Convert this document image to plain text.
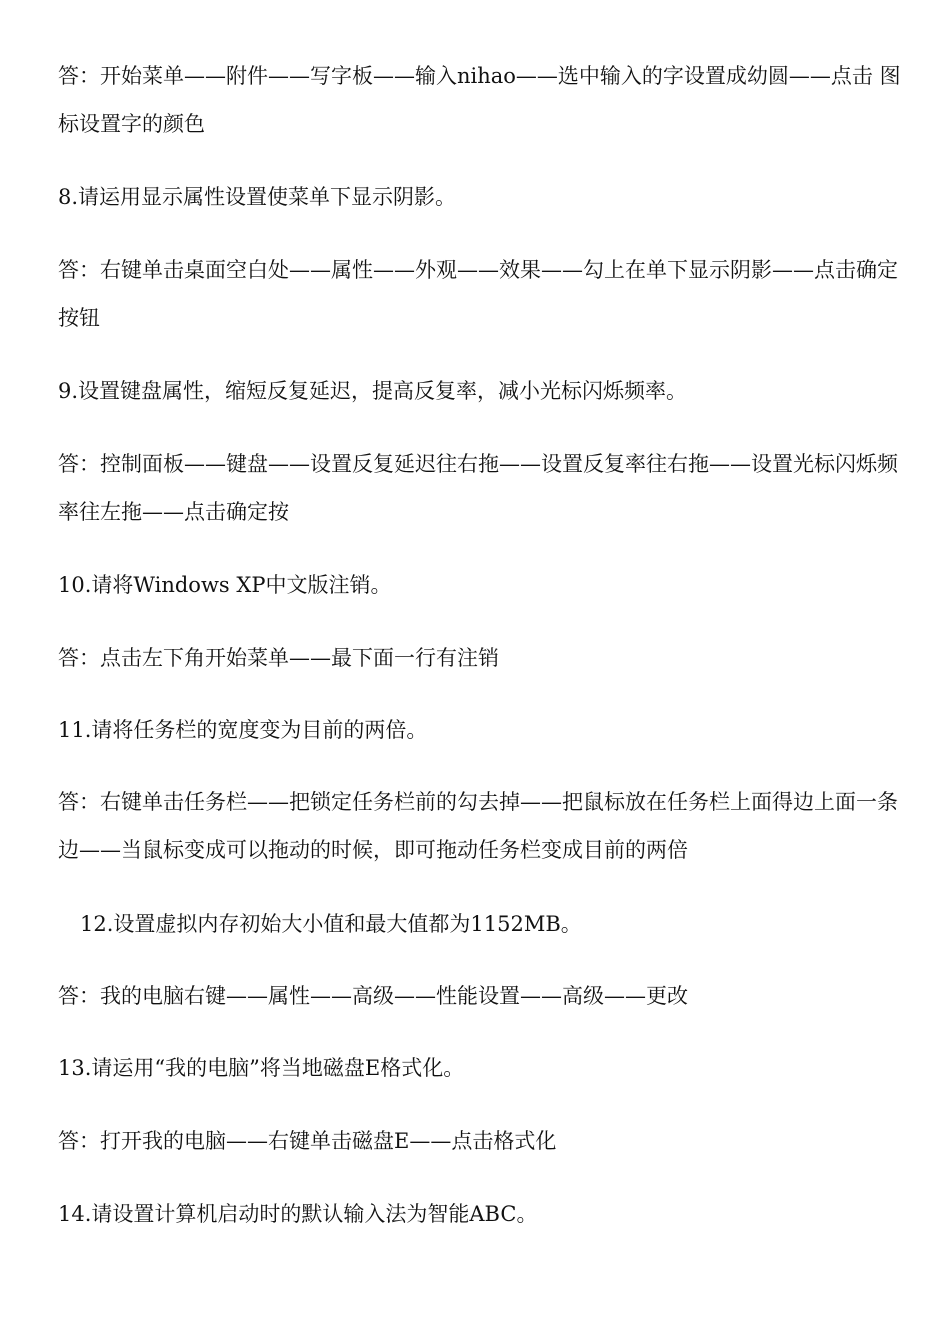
答：开始菜单——附件——写字板——输入nihao——选中输入的字设置成幼圆——点击 图标设置字的颜色
8.请运用显示属性设置使菜单下显示阴影。
答：右键单击桌面空白处——属性——外观——效果——勾上在单下显示阴影——点击确定按钮
9.设置键盘属性，缩短反复延迟，提高反复率，减小光标闪烁频率。
答：控制面板——键盘——设置反复延迟往右拖——设置反复率往右拖——设置光标闪烁频率往左拖——点击确定按
10.请将Windows XP中文版注销。
答：点击左下角开始菜单——最下面一行有注销
11.请将任务栏的宽度变为目前的两倍。
答：右键单击任务栏——把锁定任务栏前的勾去掉——把鼠标放在任务栏上面得边上面一条边——当鼠标变成可以拖动的时候，即可拖动任务栏变成目前的两倍
12.设置虚拟内存初始大小值和最大值都为1152MB。
答：我的电脑右键——属性——高级——性能设置——高级——更改
13.请运用“我的电脑”将当地磁盘E格式化。
答：打开我的电脑——右键单击磁盘E——点击格式化
14.请设置计算机启动时的默认输入法为智能ABC。
